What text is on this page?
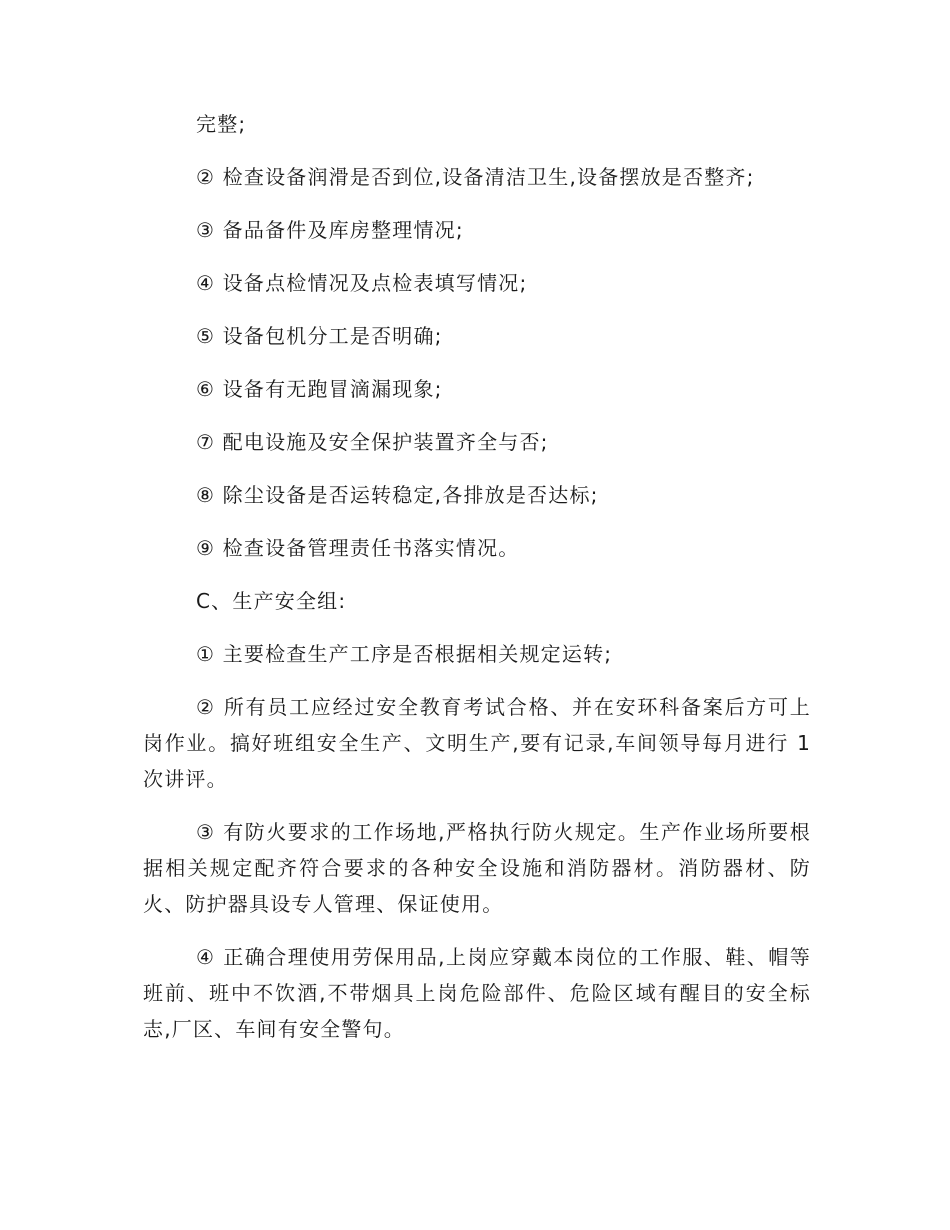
完整;

② 检查设备润滑是否到位,设备清洁卫生,设备摆放是否整齐;

③ 备品备件及库房整理情况;

④ 设备点检情况及点检表填写情况;

⑤ 设备包机分工是否明确;

⑥ 设备有无跑冒滴漏现象;

⑦ 配电设施及安全保护装置齐全与否;

⑧ 除尘设备是否运转稳定,各排放是否达标;

⑨ 检查设备管理责任书落实情况。

C、生产安全组:

① 主要检查生产工序是否根据相关规定运转;

② 所有员工应经过安全教育考试合格、并在安环科备案后方可上岗作业。搞好班组安全生产、文明生产,要有记录,车间领导每月进行 1 次讲评。

③ 有防火要求的工作场地,严格执行防火规定。生产作业场所要根据相关规定配齐符合要求的各种安全设施和消防器材。消防器材、防火、防护器具设专人管理、保证使用。

④ 正确合理使用劳保用品,上岗应穿戴本岗位的工作服、鞋、帽等班前、班中不饮酒,不带烟具上岗危险部件、危险区域有醒目的安全标志,厂区、车间有安全警句。
